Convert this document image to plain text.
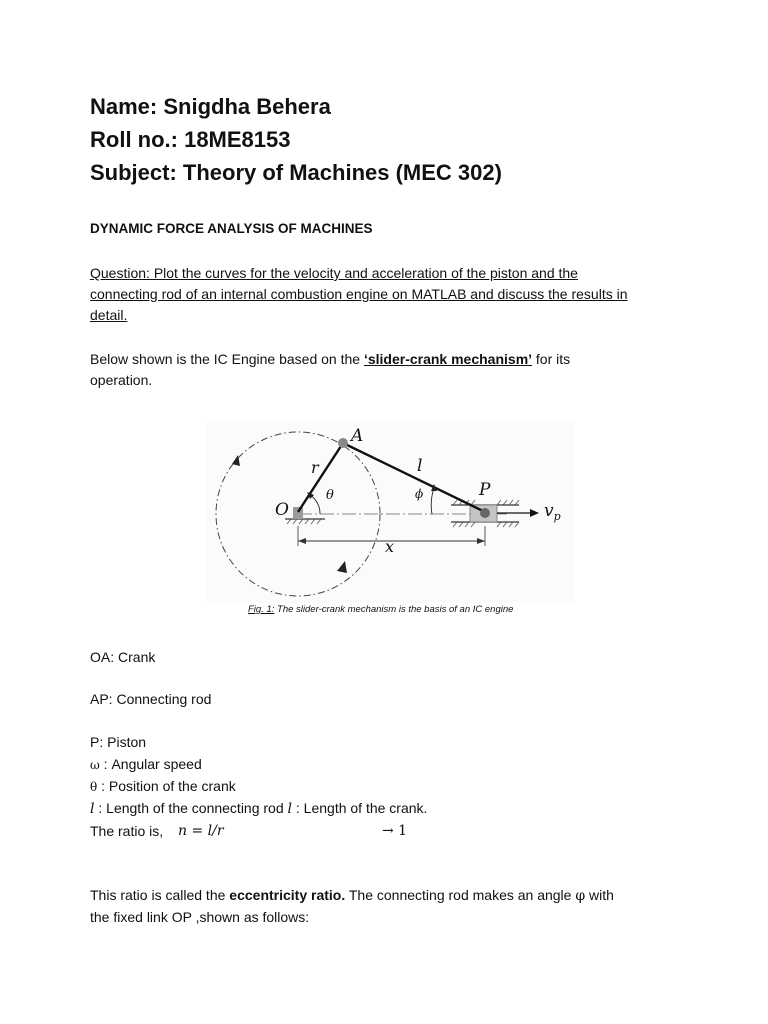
Name: Snigdha Behera
Roll no.: 18ME8153
Subject: Theory of Machines (MEC 302)
DYNAMIC FORCE ANALYSIS OF MACHINES
Question: Plot the curves for the velocity and acceleration of the piston and the
connecting rod of an internal combustion engine on MATLAB and discuss the results in
detail.
Below shown is the IC Engine based on the ‘slider-crank mechanism’ for its
operation.
A
O
P
r	l
θ	ϕ
x
$v_p$
Fig. 1: The slider-crank mechanism is the basis of an IC engine
OA: Crank
AP: Connecting rod
P: Piston
ω : Angular speed
θ : Position of the crank
l : Length of the connecting rod l : Length of the crank.
The ratio is, n = l/r	→ 1
This ratio is called the eccentricity ratio. The connecting rod makes an angle φ with
the fixed link OP ,shown as follows:
